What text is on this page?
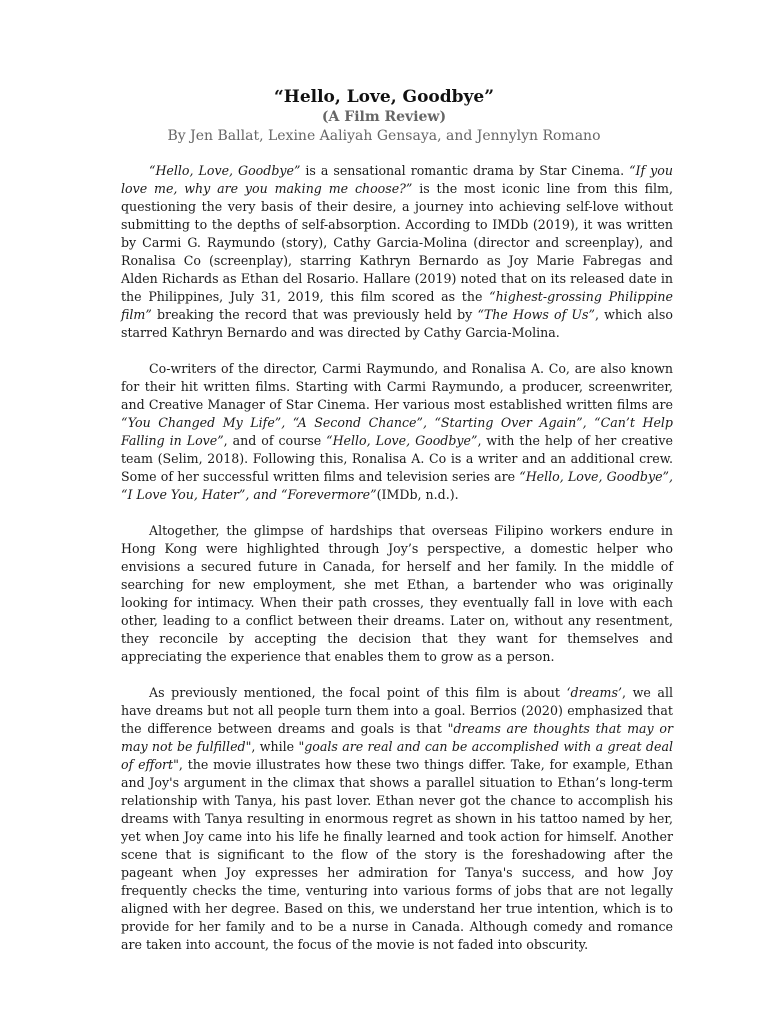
“Hello, Love, Goodbye”
(A Film Review)
By Jen Ballat, Lexine Aaliyah Gensaya, and Jennylyn Romano

“Hello, Love, Goodbye” is a sensational romantic drama by Star Cinema. “If you love me, why are you making me choose?” is the most iconic line from this film, questioning the very basis of their desire, a journey into achieving self-love without submitting to the depths of self-absorption. According to IMDb (2019), it was written by Carmi G. Raymundo (story), Cathy Garcia-Molina (director and screenplay), and Ronalisa Co (screenplay), starring Kathryn Bernardo as Joy Marie Fabregas and Alden Richards as Ethan del Rosario. Hallare (2019) noted that on its released date in the Philippines, July 31, 2019, this film scored as the “highest-grossing Philippine film” breaking the record that was previously held by “The Hows of Us”, which also starred Kathryn Bernardo and was directed by Cathy Garcia-Molina.

Co-writers of the director, Carmi Raymundo, and Ronalisa A. Co, are also known for their hit written films. Starting with Carmi Raymundo, a producer, screenwriter, and Creative Manager of Star Cinema. Her various most established written films are “You Changed My Life”, “A Second Chance”, “Starting Over Again”, “Can’t Help Falling in Love”, and of course “Hello, Love, Goodbye”, with the help of her creative team (Selim, 2018). Following this, Ronalisa A. Co is a writer and an additional crew. Some of her successful written films and television series are “Hello, Love, Goodbye”, “I Love You, Hater”, and “Forevermore”(IMDb, n.d.).

Altogether, the glimpse of hardships that overseas Filipino workers endure in Hong Kong were highlighted through Joy’s perspective, a domestic helper who envisions a secured future in Canada, for herself and her family. In the middle of searching for new employment, she met Ethan, a bartender who was originally looking for intimacy. When their path crosses, they eventually fall in love with each other, leading to a conflict between their dreams. Later on, without any resentment, they reconcile by accepting the decision that they want for themselves and appreciating the experience that enables them to grow as a person.

As previously mentioned, the focal point of this film is about ‘dreams’, we all have dreams but not all people turn them into a goal. Berrios (2020) emphasized that the difference between dreams and goals is that "dreams are thoughts that may or may not be fulfilled", while "goals are real and can be accomplished with a great deal of effort", the movie illustrates how these two things differ. Take, for example, Ethan and Joy's argument in the climax that shows a parallel situation to Ethan’s long-term relationship with Tanya, his past lover. Ethan never got the chance to accomplish his dreams with Tanya resulting in enormous regret as shown in his tattoo named by her, yet when Joy came into his life he finally learned and took action for himself. Another scene that is significant to the flow of the story is the foreshadowing after the pageant when Joy expresses her admiration for Tanya's success, and how Joy frequently checks the time, venturing into various forms of jobs that are not legally aligned with her degree. Based on this, we understand her true intention, which is to provide for her family and to be a nurse in Canada. Although comedy and romance are taken into account, the focus of the movie is not faded into obscurity.
